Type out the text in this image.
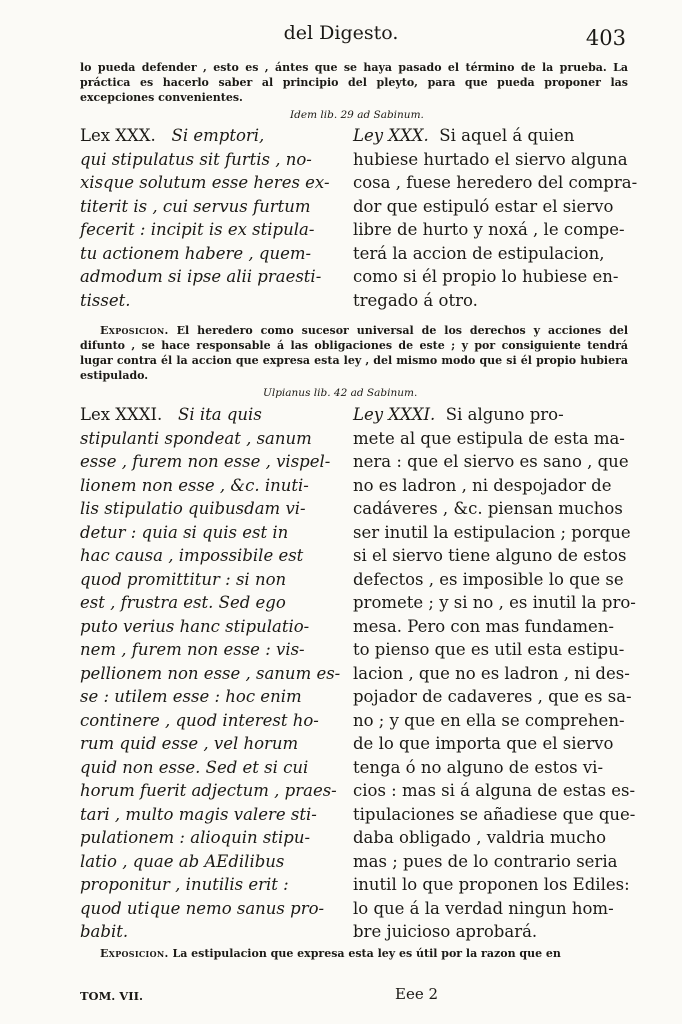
del Digesto.	403
lo pueda defender , esto es , ántes que se haya pasado el término de la prueba. La práctica es hacerlo saber al principio del pleyto, para que pueda proponer las excepciones convenientes.
Idem lib. 29 ad Sabinum.
Lex XXX. Si emptori,
qui stipulatus sit furtis , no-
xisque solutum esse heres ex-
titerit is , cui servus furtum
fecerit : incipit is ex stipula-
tu actionem habere , quem-
admodum si ipse alii praesti-
tisset.
Ley XXX. Si aquel á quien
hubiese hurtado el siervo alguna
cosa , fuese heredero del compra-
dor que estipuló estar el siervo
libre de hurto y noxá , le compe-
terá la accion de estipulacion,
como si él propio lo hubiese en-
tregado á otro.
Exposicion. El heredero como sucesor universal de los derechos y acciones del difunto , se hace responsable á las obligaciones de este ; y por consiguiente tendrá lugar contra él la accion que expresa esta ley , del mismo modo que si él propio hubiera estipulado.
Ulpianus lib. 42 ad Sabinum.
Lex XXXI. Si ita quis
stipulanti spondeat , sanum
esse , furem non esse , vispel-
lionem non esse , &c. inuti-
lis stipulatio quibusdam vi-
detur : quia si quis est in
hac causa , impossibile est
quod promittitur : si non
est , frustra est. Sed ego
puto verius hanc stipulatio-
nem , furem non esse : vis-
pellionem non esse , sanum es-
se : utilem esse : hoc enim
continere , quod interest ho-
rum quid esse , vel horum
quid non esse. Sed et si cui
horum fuerit adjectum , praes-
tari , multo magis valere sti-
pulationem : alioquin stipu-
latio , quae ab AEdilibus
proponitur , inutilis erit :
quod utique nemo sanus pro-
babit.
Ley XXXI. Si alguno pro-
mete al que estipula de esta ma-
nera : que el siervo es sano , que
no es ladron , ni despojador de
cadáveres , &c. piensan muchos
ser inutil la estipulacion ; porque
si el siervo tiene alguno de estos
defectos , es imposible lo que se
promete ; y si no , es inutil la pro-
mesa. Pero con mas fundamen-
to pienso que es util esta estipu-
lacion , que no es ladron , ni des-
pojador de cadaveres , que es sa-
no ; y que en ella se comprehen-
de lo que importa que el siervo
tenga ó no alguno de estos vi-
cios : mas si á alguna de estas es-
tipulaciones se añadiese que que-
daba obligado , valdria mucho
mas ; pues de lo contrario seria
inutil lo que proponen los Ediles:
lo que á la verdad ningun hom-
bre juicioso aprobará.
Exposicion. La estipulacion que expresa esta ley es útil por la razon que en
TOM. VII.	Eee 2
